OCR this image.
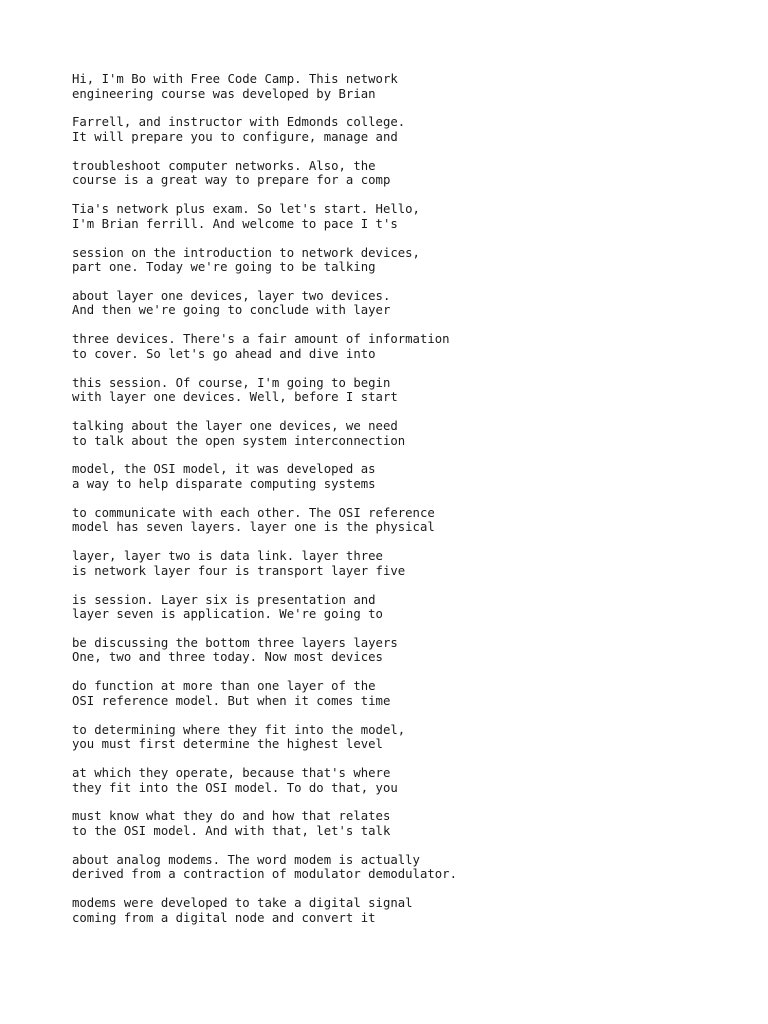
Hi, I'm Bo with Free Code Camp. This network
engineering course was developed by Brian
Farrell, and instructor with Edmonds college.
It will prepare you to configure, manage and
troubleshoot computer networks. Also, the
course is a great way to prepare for a comp
Tia's network plus exam. So let's start. Hello,
I'm Brian ferrill. And welcome to pace I t's
session on the introduction to network devices,
part one. Today we're going to be talking
about layer one devices, layer two devices.
And then we're going to conclude with layer
three devices. There's a fair amount of information
to cover. So let's go ahead and dive into
this session. Of course, I'm going to begin
with layer one devices. Well, before I start
talking about the layer one devices, we need
to talk about the open system interconnection
model, the OSI model, it was developed as
a way to help disparate computing systems
to communicate with each other. The OSI reference
model has seven layers. layer one is the physical
layer, layer two is data link. layer three
is network layer four is transport layer five
is session. Layer six is presentation and
layer seven is application. We're going to
be discussing the bottom three layers layers
One, two and three today. Now most devices
do function at more than one layer of the
OSI reference model. But when it comes time
to determining where they fit into the model,
you must first determine the highest level
at which they operate, because that's where
they fit into the OSI model. To do that, you
must know what they do and how that relates
to the OSI model. And with that, let's talk
about analog modems. The word modem is actually
derived from a contraction of modulator demodulator.
modems were developed to take a digital signal
coming from a digital node and convert it
